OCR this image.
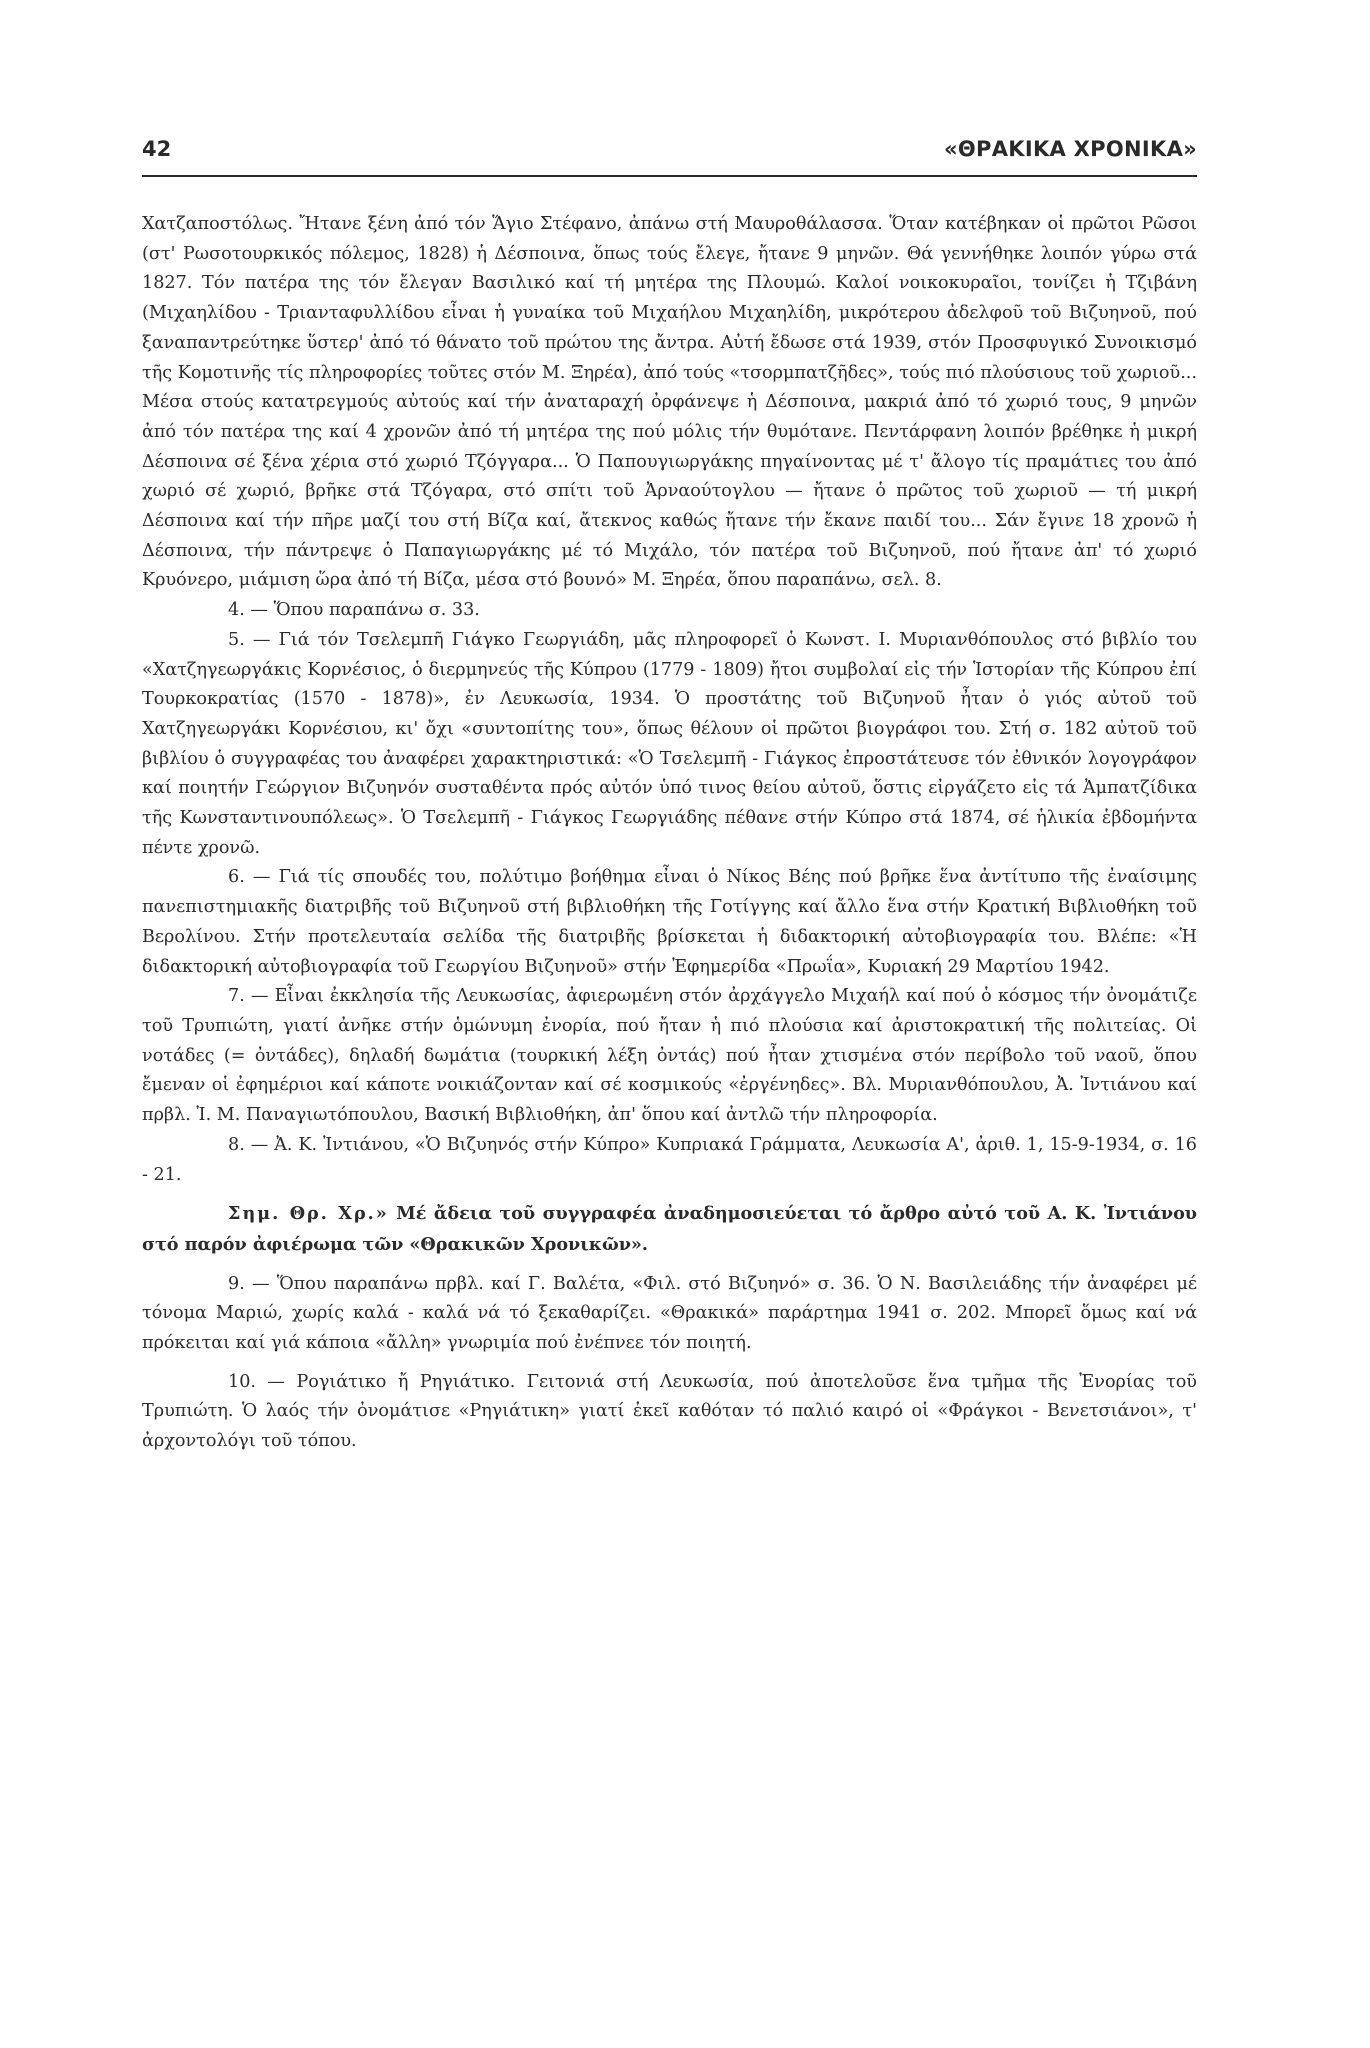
42	«ΘΡΑΚΙΚΑ ΧΡΟΝΙΚΑ»

Χατζαποστόλως. Ἤτανε ξένη ἀπό τόν Ἅγιο Στέφανο, ἀπάνω στή Μαυροθάλασσα. Ὅταν κατέβηκαν οἱ πρῶτοι Ρῶσοι (στ' Ρωσοτουρκικός πόλεμος, 1828) ἡ Δέσποινα, ὅπως τούς ἔλεγε, ἤτανε 9 μηνῶν. Θά γεννήθηκε λοιπόν γύρω στά 1827. Τόν πατέρα της τόν ἔλεγαν Βασιλικό καί τή μητέρα της Πλουμώ. Καλοί νοικοκυραῖοι, τονίζει ἡ Τζιβάνη (Μιχαηλίδου - Τριανταφυλλίδου εἶναι ἡ γυναίκα τοῦ Μιχαήλου Μιχαηλίδη, μικρότερου ἀδελφοῦ τοῦ Βιζυηνοῦ, πού ξαναπαντρεύτηκε ὕστερ' ἀπό τό θάνατο τοῦ πρώτου της ἄντρα. Αὐτή ἔδωσε στά 1939, στόν Προσφυγικό Συνοικισμό τῆς Κομοτινῆς τίς πληροφορίες τοῦτες στόν Μ. Ξηρέα), ἀπό τούς «τσορμπατζῆδες», τούς πιό πλούσιους τοῦ χωριοῦ... Μέσα στούς κατατρεγμούς αὐτούς καί τήν ἀναταραχή ὀρφάνεψε ἡ Δέσποινα, μακριά ἀπό τό χωριό τους, 9 μηνῶν ἀπό τόν πατέρα της καί 4 χρονῶν ἀπό τή μητέρα της πού μόλις τήν θυμότανε. Πεντάρφανη λοιπόν βρέθηκε ἡ μικρή Δέσποινα σέ ξένα χέρια στό χωριό Τζόγγαρα... Ὁ Παπουγιωργάκης πηγαίνοντας μέ τ' ἄλογο τίς πραμάτιες του ἀπό χωριό σέ χωριό, βρῆκε στά Τζόγαρα, στό σπίτι τοῦ Ἀρναούτογλου — ἤτανε ὁ πρῶτος τοῦ χωριοῦ — τή μικρή Δέσποινα καί τήν πῆρε μαζί του στή Βίζα καί, ἄτεκνος καθώς ἤτανε τήν ἔκανε παιδί του... Σάν ἔγινε 18 χρονῶ ἡ Δέσποινα, τήν πάντρεψε ὁ Παπαγιωργάκης μέ τό Μιχάλο, τόν πατέρα τοῦ Βιζυηνοῦ, πού ἤτανε ἀπ' τό χωριό Κρυόνερο, μιάμιση ὥρα ἀπό τή Βίζα, μέσα στό βουνό» Μ. Ξηρέα, ὅπου παραπάνω, σελ. 8.

4. — Ὅπου παραπάνω σ. 33.

5. — Γιά τόν Τσελεμπῆ Γιάγκο Γεωργιάδη, μᾶς πληροφορεῖ ὁ Κωνστ. Ι. Μυριανθόπουλος στό βιβλίο του «Χατζηγεωργάκις Κορνέσιος, ὁ διερμηνεύς τῆς Κύπρου (1779 - 1809) ἤτοι συμβολαί εἰς τήν Ἱστορίαν τῆς Κύπρου ἐπί Τουρκοκρατίας (1570 - 1878)», ἐν Λευκωσία, 1934. Ὁ προστάτης τοῦ Βιζυηνοῦ ἦταν ὁ γιός αὐτοῦ τοῦ Χατζηγεωργάκι Κορνέσιου, κι' ὄχι «συντοπίτης του», ὅπως θέλουν οἱ πρῶτοι βιογράφοι του. Στή σ. 182 αὐτοῦ τοῦ βιβλίου ὁ συγγραφέας του ἀναφέρει χαρακτηριστικά: «Ὁ Τσελεμπῆ - Γιάγκος ἐπροστάτευσε τόν ἐθνικόν λογογράφον καί ποιητήν Γεώργιον Βιζυηνόν συσταθέντα πρός αὐτόν ὑπό τινος θείου αὐτοῦ, ὅστις εἰργάζετο εἰς τά Ἀμπατζίδικα τῆς Κωνσταντινουπόλεως». Ὁ Τσελεμπῆ - Γιάγκος Γεωργιάδης πέθανε στήν Κύπρο στά 1874, σέ ἡλικία ἑβδομήντα πέντε χρονῶ.

6. — Γιά τίς σπουδές του, πολύτιμο βοήθημα εἶναι ὁ Νίκος Βέης πού βρῆκε ἕνα ἀντίτυπο τῆς ἐναίσιμης πανεπιστημιακῆς διατριβῆς τοῦ Βιζυηνοῦ στή βιβλιοθήκη τῆς Γοτίγγης καί ἄλλο ἕνα στήν Κρατική Βιβλιοθήκη τοῦ Βερολίνου. Στήν προτελευταία σελίδα τῆς διατριβῆς βρίσκεται ἡ διδακτορική αὐτοβιογραφία του. Βλέπε: «Ἡ διδακτορική αὐτοβιογραφία τοῦ Γεωργίου Βιζυηνοῦ» στήν Ἐφημερίδα «Πρωΐα», Κυριακή 29 Μαρτίου 1942.

7. — Εἶναι ἐκκλησία τῆς Λευκωσίας, ἀφιερωμένη στόν ἀρχάγγελο Μιχαήλ καί πού ὁ κόσμος τήν ὀνομάτιζε τοῦ Τρυπιώτη, γιατί ἀνῆκε στήν ὁμώνυμη ἐνορία, πού ἤταν ἡ πιό πλούσια καί ἀριστοκρατική τῆς πολιτείας. Οἱ νοτάδες (= ὀντάδες), δηλαδή δωμάτια (τουρκική λέξη ὀντάς) πού ἦταν χτισμένα στόν περίβολο τοῦ ναοῦ, ὅπου ἔμεναν οἱ ἐφημέριοι καί κάποτε νοικιάζονταν καί σέ κοσμικούς «ἐργένηδες». Βλ. Μυριανθόπουλου, Ἀ. Ἰντιάνου καί πρβλ. Ἰ. Μ. Παναγιωτόπουλου, Βασική Βιβλιοθήκη, ἀπ' ὅπου καί ἀντλῶ τήν πληροφορία.

8. — Ἀ. Κ. Ἰντιάνου, «Ὁ Βιζυηνός στήν Κύπρο» Κυπριακά Γράμματα, Λευκωσία Α', ἀριθ. 1, 15-9-1934, σ. 16 - 21.

Σημ. Θρ. Χρ.» Μέ ἄδεια τοῦ συγγραφέα ἀναδημοσιεύεται τό ἄρθρο αὐτό τοῦ Α. Κ. Ἰντιάνου στό παρόν ἀφιέρωμα τῶν «Θρακικῶν Χρονικῶν».

9. — Ὅπου παραπάνω πρβλ. καί Γ. Βαλέτα, «Φιλ. στό Βιζυηνό» σ. 36. Ὁ Ν. Βασιλειάδης τήν ἀναφέρει μέ τόνομα Μαριώ, χωρίς καλά - καλά νά τό ξεκαθαρίζει. «Θρακικά» παράρτημα 1941 σ. 202. Μπορεῖ ὅμως καί νά πρόκειται καί γιά κάποια «ἄλλη» γνωριμία πού ἐνέπνεε τόν ποιητή.

10. — Ρογιάτικο ἤ Ρηγιάτικο. Γειτονιά στή Λευκωσία, πού ἀποτελοῦσε ἕνα τμῆμα τῆς Ἐνορίας τοῦ Τρυπιώτη. Ὁ λαός τήν ὀνομάτισε «Ρηγιάτικη» γιατί ἐκεῖ καθόταν τό παλιό καιρό οἱ «Φράγκοι - Βενετσιάνοι», τ' ἀρχοντολόγι τοῦ τόπου.
